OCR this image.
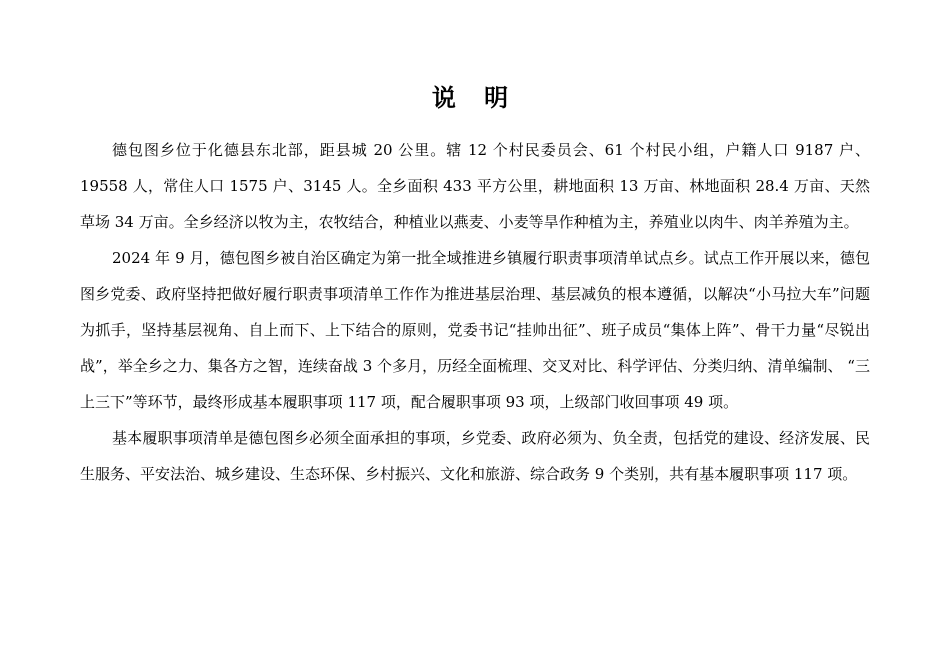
说 明

德包图乡位于化德县东北部，距县城 20 公里。辖 12 个村民委员会、61 个村民小组，户籍人口 9187 户、19558 人，常住人口 1575 户、3145 人。全乡面积 433 平方公里，耕地面积 13 万亩、林地面积 28.4 万亩、天然草场 34 万亩。全乡经济以牧为主，农牧结合，种植业以燕麦、小麦等旱作种植为主，养殖业以肉牛、肉羊养殖为主。

2024 年 9 月，德包图乡被自治区确定为第一批全域推进乡镇履行职责事项清单试点乡。试点工作开展以来，德包图乡党委、政府坚持把做好履行职责事项清单工作作为推进基层治理、基层减负的根本遵循，以解决“小马拉大车”问题为抓手，坚持基层视角、自上而下、上下结合的原则，党委书记“挂帅出征”、班子成员“集体上阵”、骨干力量“尽锐出战”，举全乡之力、集各方之智，连续奋战 3 个多月，历经全面梳理、交叉对比、科学评估、分类归纳、清单编制、 “三上三下”等环节，最终形成基本履职事项 117 项，配合履职事项 93 项，上级部门收回事项 49 项。

基本履职事项清单是德包图乡必须全面承担的事项，乡党委、政府必须为、负全责，包括党的建设、经济发展、民生服务、平安法治、城乡建设、生态环保、乡村振兴、文化和旅游、综合政务 9 个类别，共有基本履职事项 117 项。
